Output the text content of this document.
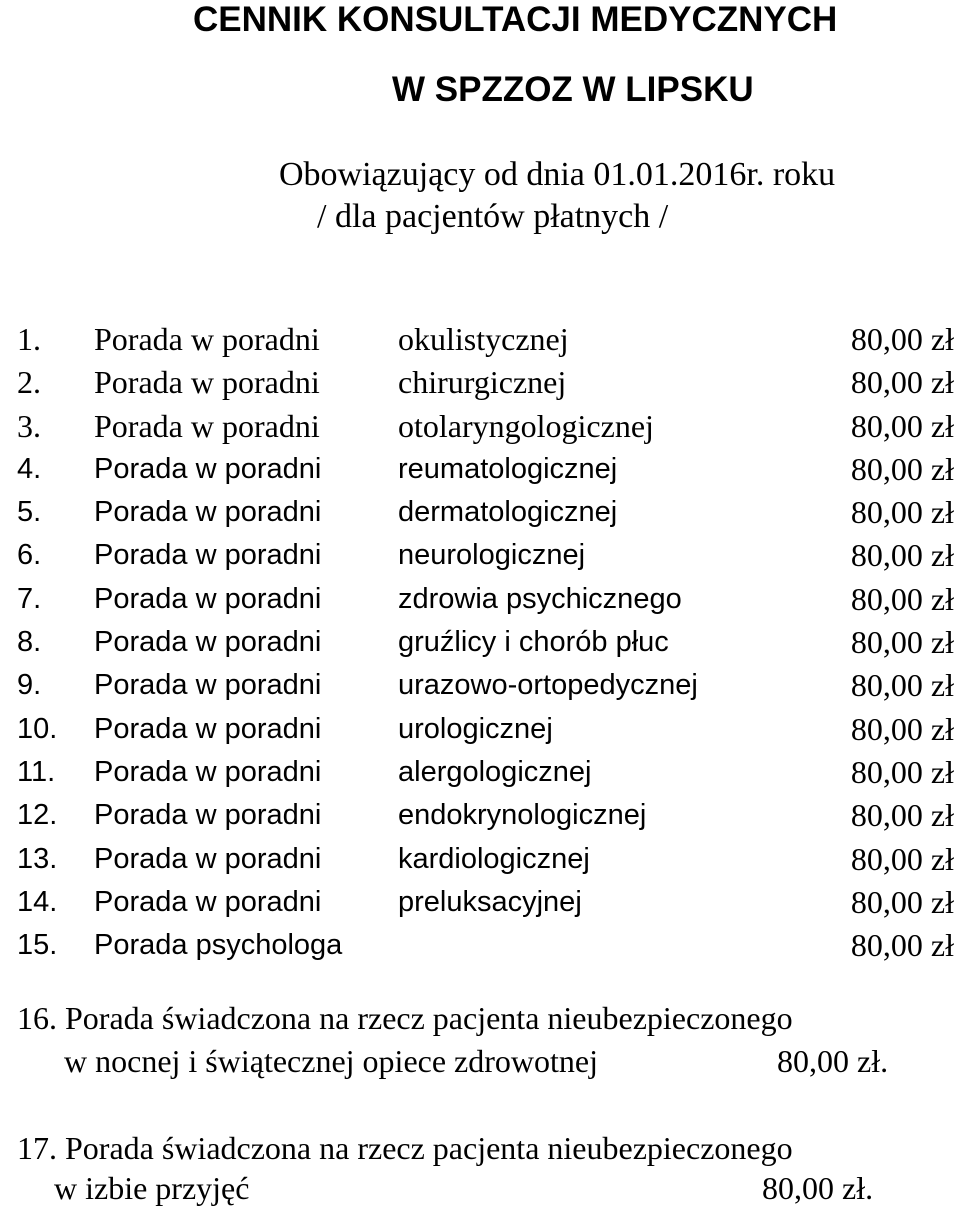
CENNIK KONSULTACJI MEDYCZNYCH
W SPZZOZ W LIPSKU
Obowiązujący od dnia 01.01.2016r. roku
/ dla pacjentów płatnych /
1. Porada w poradni okulistycznej	80,00 zł
2. Porada w poradni chirurgicznej	80,00 zł
3. Porada w poradni otolaryngologicznej	80,00 zł
4. Porada w poradni	reumatologicznej	80,00 zł
5. Porada w poradni	dermatologicznej	80,00 zł
6. Porada w poradni	neurologicznej	80,00 zł
7. Porada w poradni	zdrowia psychicznego	80,00 zł
8. Porada w poradni	gruźlicy i chorób płuc	80,00 zł
9. Porada w poradni	urazowo-ortopedycznej	80,00 zł
10. Porada w poradni	urologicznej	80,00 zł
11. Porada w poradni	alergologicznej	80,00 zł
12. Porada w poradni	endokrynologicznej	80,00 zł
13. Porada w poradni	kardiologicznej	80,00 zł
14. Porada w poradni	preluksacyjnej	80,00 zł
15. Porada psychologa	80,00 zł
16. Porada świadczona na rzecz pacjenta nieubezpieczonego
w nocnej i świątecznej opiece zdrowotnej	80,00 zł.
17. Porada świadczona na rzecz pacjenta nieubezpieczonego
w izbie przyjęć	80,00 zł.
